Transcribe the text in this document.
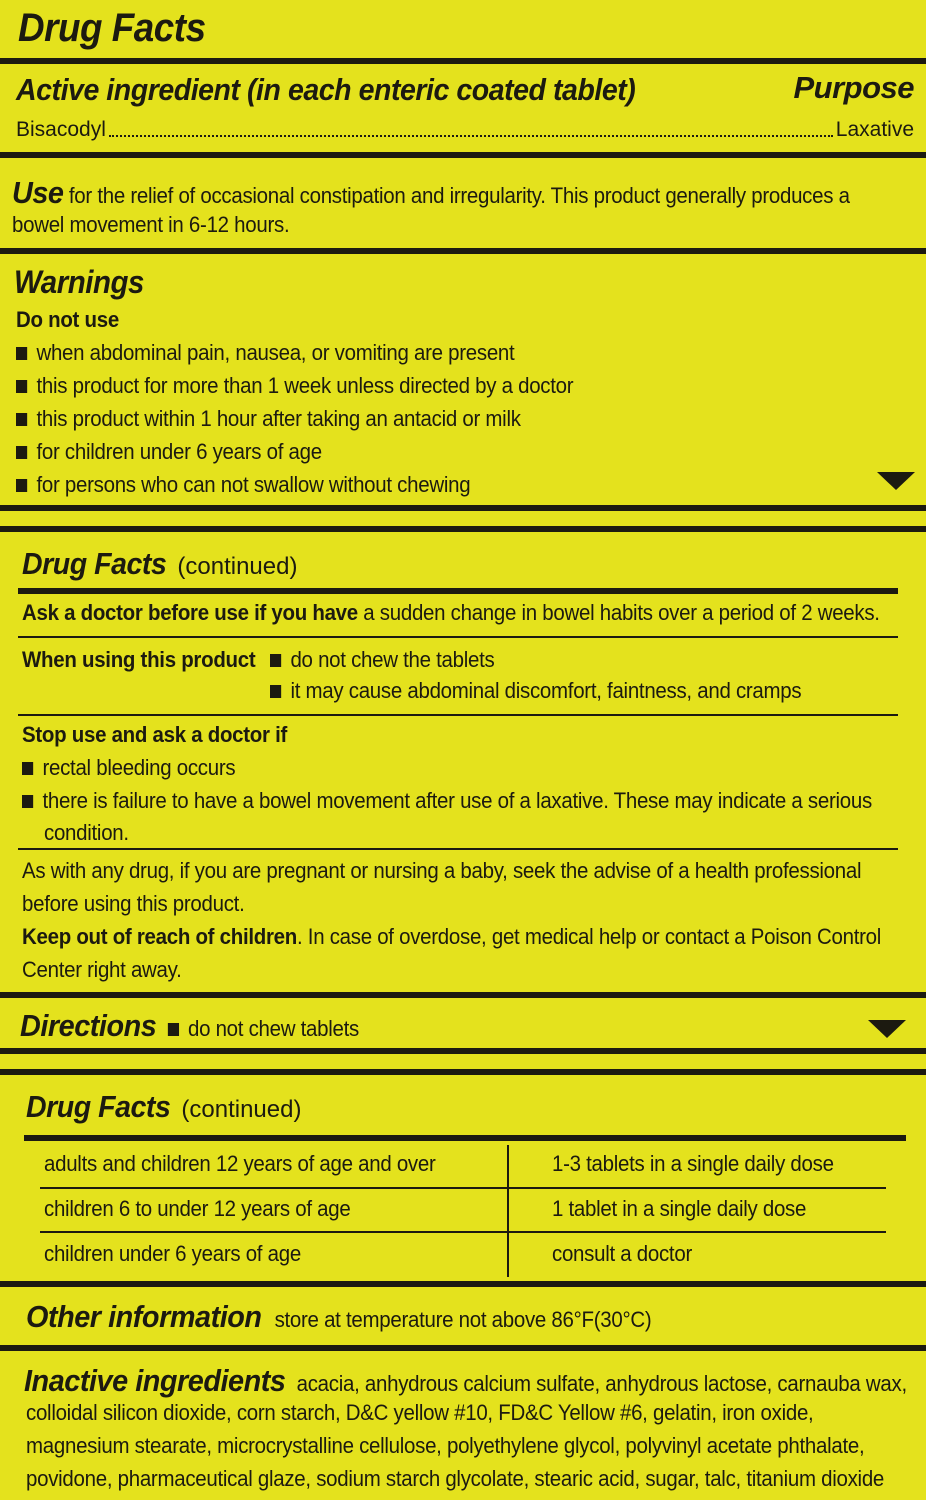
Drug Facts
Active ingredient (in each enteric coated tablet)	Purpose
Bisacodyl	Laxative
Use for the relief of occasional constipation and irregularity. This product generally produces a
bowel movement in 6-12 hours.
Warnings
Do not use
when abdominal pain, nausea, or vomiting are present
this product for more than 1 week unless directed by a doctor
this product within 1 hour after taking an antacid or milk
for children under 6 years of age
for persons who can not swallow without chewing
Drug Facts (continued)
Ask a doctor before use if you have a sudden change in bowel habits over a period of 2 weeks.
When using this product	do not chew the tablets
it may cause abdominal discomfort, faintness, and cramps
Stop use and ask a doctor if
rectal bleeding occurs
there is failure to have a bowel movement after use of a laxative. These may indicate a serious
condition.
As with any drug, if you are pregnant or nursing a baby, seek the advise of a health professional
before using this product.
Keep out of reach of children. In case of overdose, get medical help or contact a Poison Control
Center right away.
Directions do not chew tablets
Drug Facts (continued)
adults and children 12 years of age and over	1-3 tablets in a single daily dose
children 6 to under 12 years of age	1 tablet in a single daily dose
children under 6 years of age	consult a doctor
Other information store at temperature not above 86°F(30°C)
Inactive ingredients acacia, anhydrous calcium sulfate, anhydrous lactose, carnauba wax,
colloidal silicon dioxide, corn starch, D&C yellow #10, FD&C Yellow #6, gelatin, iron oxide,
magnesium stearate, microcrystalline cellulose, polyethylene glycol, polyvinyl acetate phthalate,
povidone, pharmaceutical glaze, sodium starch glycolate, stearic acid, sugar, talc, titanium dioxide
